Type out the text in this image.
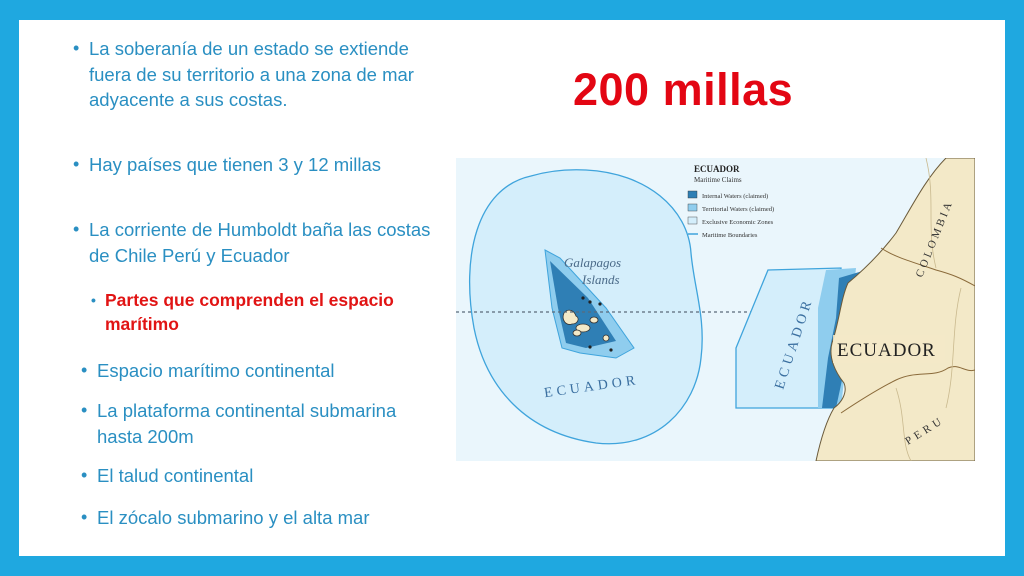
• La soberanía de un estado se extiende fuera de su territorio a una zona de mar adyacente a sus costas.
• Hay países que tienen 3 y 12 millas
• La corriente de Humboldt baña las costas de Chile Perú y Ecuador
• Partes que comprenden el espacio marítimo
• Espacio marítimo continental
• La plataforma continental submarina hasta 200m
• El talud continental
• El zócalo submarino y el alta mar
200 millas
ECUADOR
Maritime Claims
Internal Waters (claimed)
Territorial Waters (claimed)
Exclusive Economic Zones
Maritime Boundaries
Galapagos
Islands
ECUADOR	ECUADOR ECUADOR
COLOMBIA
PERU
